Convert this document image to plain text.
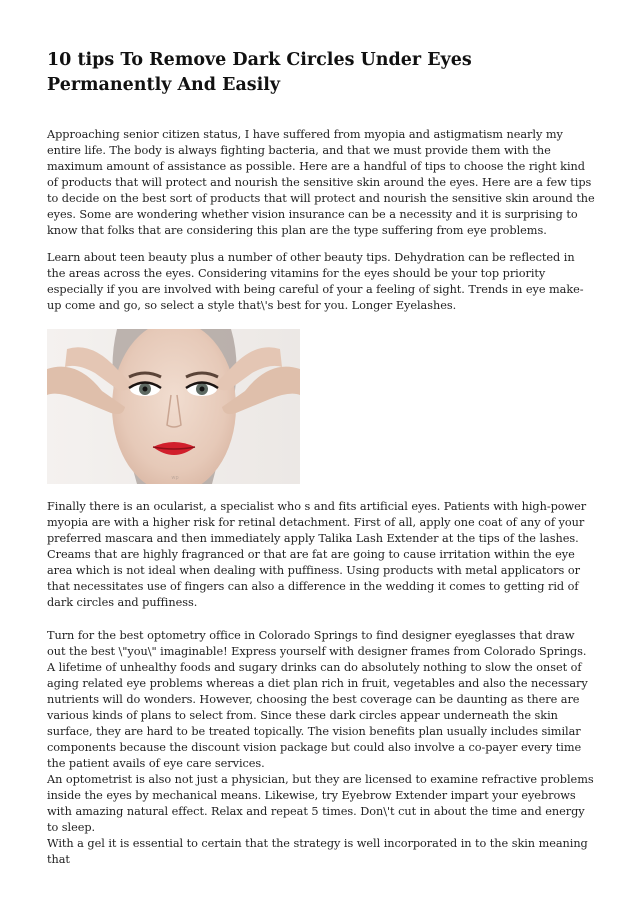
10 tips To Remove Dark Circles Under Eyes Permanently And Easily

Approaching senior citizen status, I have suffered from myopia and astigmatism nearly my entire life. The body is always fighting bacteria, and that we must provide them with the maximum amount of assistance as possible. Here are a handful of tips to choose the right kind of products that will protect and nourish the sensitive skin around the eyes. Here are a few tips to decide on the best sort of products that will protect and nourish the sensitive skin around the eyes. Some are wondering whether vision insurance can be a necessity and it is surprising to know that folks that are considering this plan are the type suffering from eye problems.

Learn about teen beauty plus a number of other beauty tips. Dehydration can be reflected in the areas across the eyes. Considering vitamins for the eyes should be your top priority especially if you are involved with being careful of your a feeling of sight. Trends in eye make-up come and go, so select a style that\'s best for you. Longer Eyelashes.

wp

Finally there is an ocularist, a specialist who s and fits artificial eyes. Patients with high-power myopia are with a higher risk for retinal detachment. First of all, apply one coat of any of your preferred mascara and then immediately apply Talika Lash Extender at the tips of the lashes. Creams that are highly fragranced or that are fat are going to cause irritation within the eye area which is not ideal when dealing with puffiness. Using products with metal applicators or that necessitates use of fingers can also a difference in the wedding it comes to getting rid of dark circles and puffiness.

Turn for the best optometry office in Colorado Springs to find designer eyeglasses that draw out the best \"you\" imaginable! Express yourself with designer frames from Colorado Springs. A lifetime of unhealthy foods and sugary drinks can do absolutely nothing to slow the onset of aging related eye problems whereas a diet plan rich in fruit, vegetables and also the necessary nutrients will do wonders. However, choosing the best coverage can be daunting as there are various kinds of plans to select from. Since these dark circles appear underneath the skin surface, they are hard to be treated topically. The vision benefits plan usually includes similar components because the discount vision package but could also involve a co-payer every time the patient avails of eye care services.

An optometrist is also not just a physician, but they are licensed to examine refractive problems inside the eyes by mechanical means. Likewise, try Eyebrow Extender impart your eyebrows with amazing natural effect. Relax and repeat 5 times. Don\'t cut in about the time and energy to sleep.

With a gel it is essential to certain that the strategy is well incorporated in to the skin meaning that
